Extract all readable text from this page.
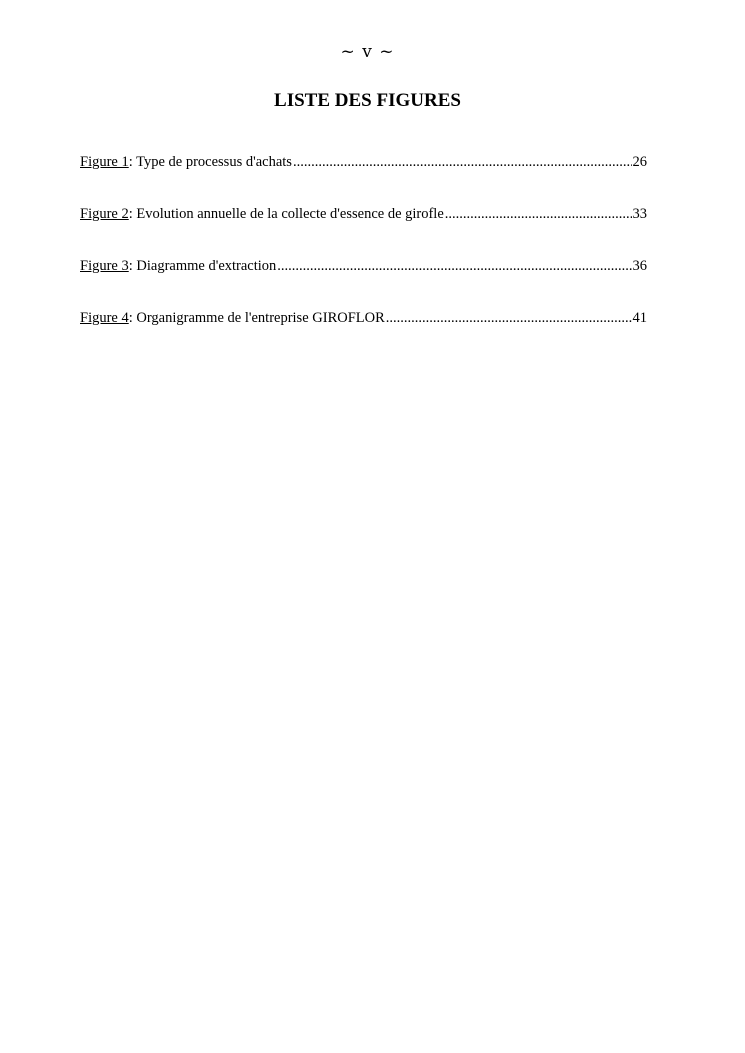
~ v ~
LISTE DES FIGURES
Figure 1 : Type de processus d'achats .....	26
Figure 2 : Evolution annuelle de la collecte d'essence de girofle .....	33
Figure 3 : Diagramme d'extraction .....	36
Figure 4 : Organigramme de l'entreprise GIROFLOR .....	41
